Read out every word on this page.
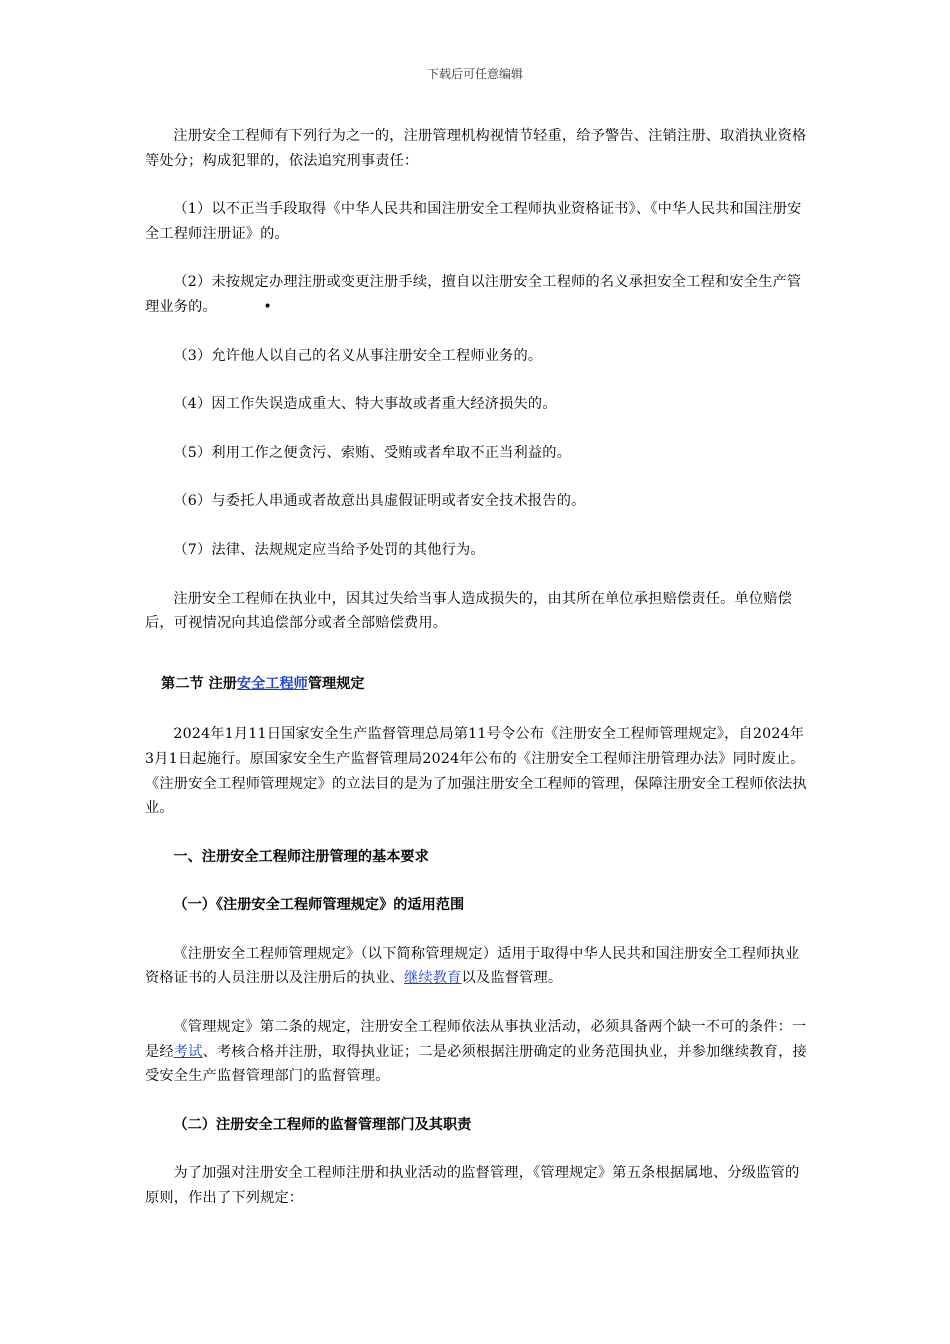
下载后可任意编辑

注册安全工程师有下列行为之一的，注册管理机构视情节轻重，给予警告、注销注册、取消执业资格等处分；构成犯罪的，依法追究刑事责任：

（1）以不正当手段取得《中华人民共和国注册安全工程师执业资格证书》、《中华人民共和国注册安全工程师注册证》的。

（2）未按规定办理注册或变更注册手续，擅自以注册安全工程师的名义承担安全工程和安全生产管理业务的。	•

（3）允许他人以自己的名义从事注册安全工程师业务的。

（4）因工作失误造成重大、特大事故或者重大经济损失的。

（5）利用工作之便贪污、索贿、受贿或者牟取不正当利益的。

（6）与委托人串通或者故意出具虚假证明或者安全技术报告的。

（7）法律、法规规定应当给予处罚的其他行为。

注册安全工程师在执业中，因其过失给当事人造成损失的，由其所在单位承担赔偿责任。单位赔偿后，可视情况向其追偿部分或者全部赔偿费用。

第二节 注册安全工程师管理规定

2024年1月11日国家安全生产监督管理总局第11号令公布《注册安全工程师管理规定》，自2024年3月1日起施行。原国家安全生产监督管理局2024年公布的《注册安全工程师注册管理办法》同时废止。《注册安全工程师管理规定》的立法目的是为了加强注册安全工程师的管理，保障注册安全工程师依法执业。

一、注册安全工程师注册管理的基本要求

（一）《注册安全工程师管理规定》的适用范围

《注册安全工程师管理规定》（以下简称管理规定）适用于取得中华人民共和国注册安全工程师执业资格证书的人员注册以及注册后的执业、继续教育以及监督管理。

《管理规定》第二条的规定，注册安全工程师依法从事执业活动，必须具备两个缺一不可的条件：一是经考试、考核合格并注册，取得执业证；二是必须根据注册确定的业务范围执业，并参加继续教育，接受安全生产监督管理部门的监督管理。

（二）注册安全工程师的监督管理部门及其职责

为了加强对注册安全工程师注册和执业活动的监督管理，《管理规定》第五条根据属地、分级监管的原则，作出了下列规定：
